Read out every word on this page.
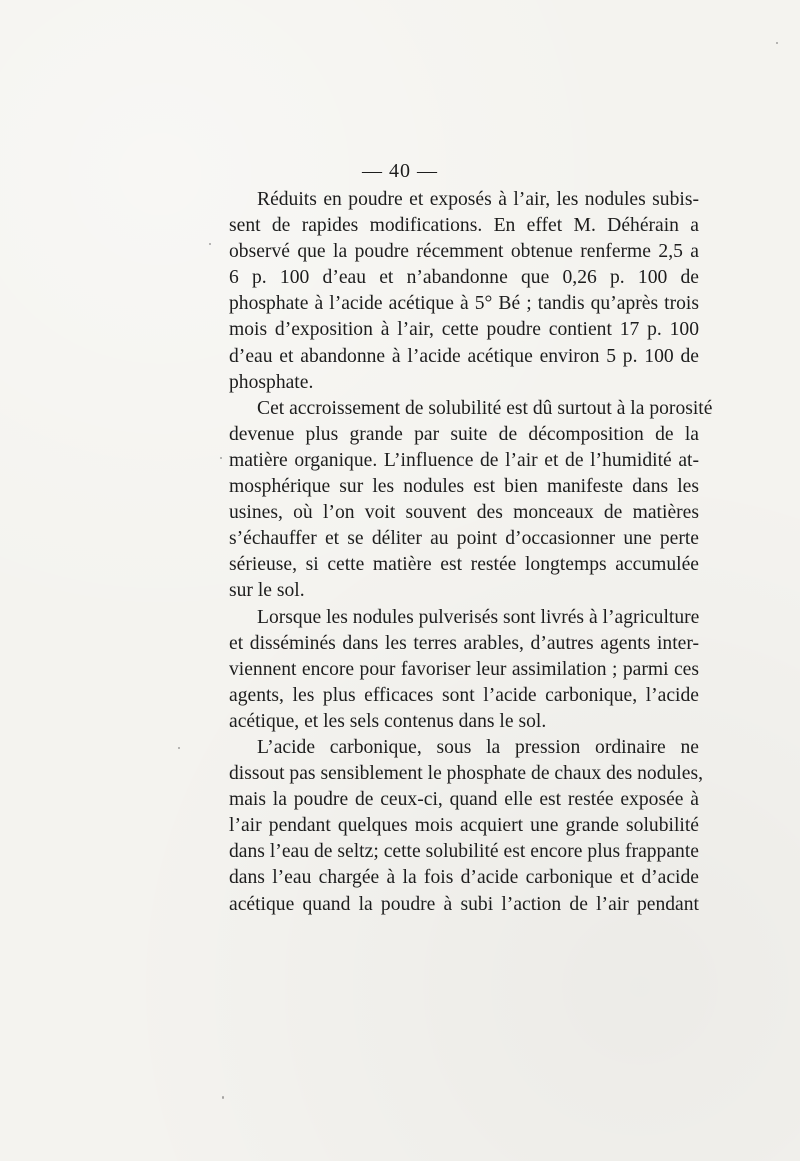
— 40 —
Réduits en poudre et exposés à l’air, les nodules subis-
sent de rapides modifications. En effet M. Déhérain a
observé que la poudre récemment obtenue renferme 2,5 a
6 p. 100 d’eau et n’abandonne que 0,26 p. 100 de
phosphate à l’acide acétique à 5° Bé ; tandis qu’après trois
mois d’exposition à l’air, cette poudre contient 17 p. 100
d’eau et abandonne à l’acide acétique environ 5 p. 100 de
phosphate.
Cet accroissement de solubilité est dû surtout à la porosité
devenue plus grande par suite de décomposition de la
matière organique. L’influence de l’air et de l’humidité at-
mosphérique sur les nodules est bien manifeste dans les
usines, où l’on voit souvent des monceaux de matières
s’échauffer et se déliter au point d’occasionner une perte
sérieuse, si cette matière est restée longtemps accumulée
sur le sol.
Lorsque les nodules pulverisés sont livrés à l’agriculture
et disséminés dans les terres arables, d’autres agents inter-
viennent encore pour favoriser leur assimilation ; parmi ces
agents, les plus efficaces sont l’acide carbonique, l’acide
acétique, et les sels contenus dans le sol.
L’acide carbonique, sous la pression ordinaire ne
dissout pas sensiblement le phosphate de chaux des nodules,
mais la poudre de ceux-ci, quand elle est restée exposée à
l’air pendant quelques mois acquiert une grande solubilité
dans l’eau de seltz; cette solubilité est encore plus frappante
dans l’eau chargée à la fois d’acide carbonique et d’acide
acétique quand la poudre à subi l’action de l’air pendant
